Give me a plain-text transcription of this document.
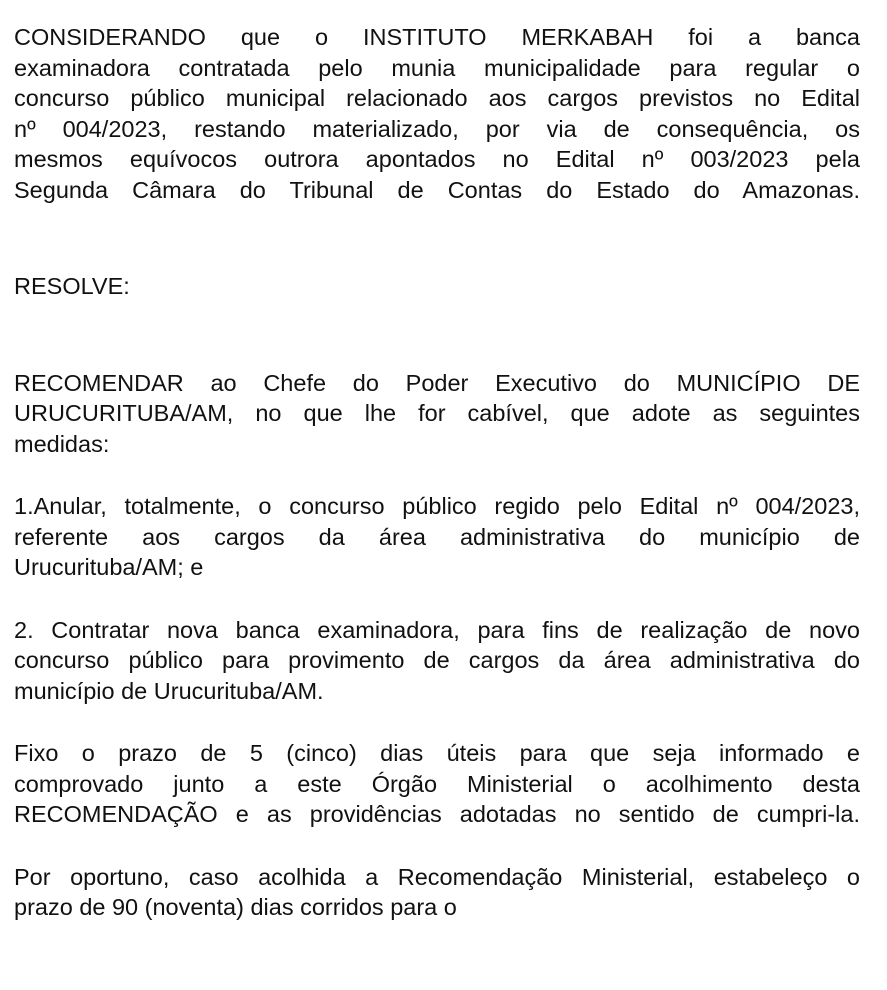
CONSIDERANDO que o INSTITUTO MERKABAH foi a banca
examinadora contratada pelo munia municipalidade para regular o
concurso público municipal relacionado aos cargos previstos no Edital
nº 004/2023, restando materializado, por via de consequência, os
mesmos equívocos outrora apontados no Edital nº 003/2023 pela
Segunda Câmara do Tribunal de Contas do Estado do Amazonas.

RESOLVE:

RECOMENDAR ao Chefe do Poder Executivo do MUNICÍPIO DE
URUCURITUBA/AM, no que lhe for cabível, que adote as seguintes
medidas:

1.Anular, totalmente, o concurso público regido pelo Edital nº 004/2023,
referente aos cargos da área administrativa do município de
Urucurituba/AM; e

2. Contratar nova banca examinadora, para fins de realização de novo
concurso público para provimento de cargos da área administrativa do
município de Urucurituba/AM.

Fixo o prazo de 5 (cinco) dias úteis para que seja informado e
comprovado junto a este Órgão Ministerial o acolhimento desta
RECOMENDAÇÃO e as providências adotadas no sentido de cumpri-la.

Por oportuno, caso acolhida a Recomendação Ministerial, estabeleço o
prazo de 90 (noventa) dias corridos para o
